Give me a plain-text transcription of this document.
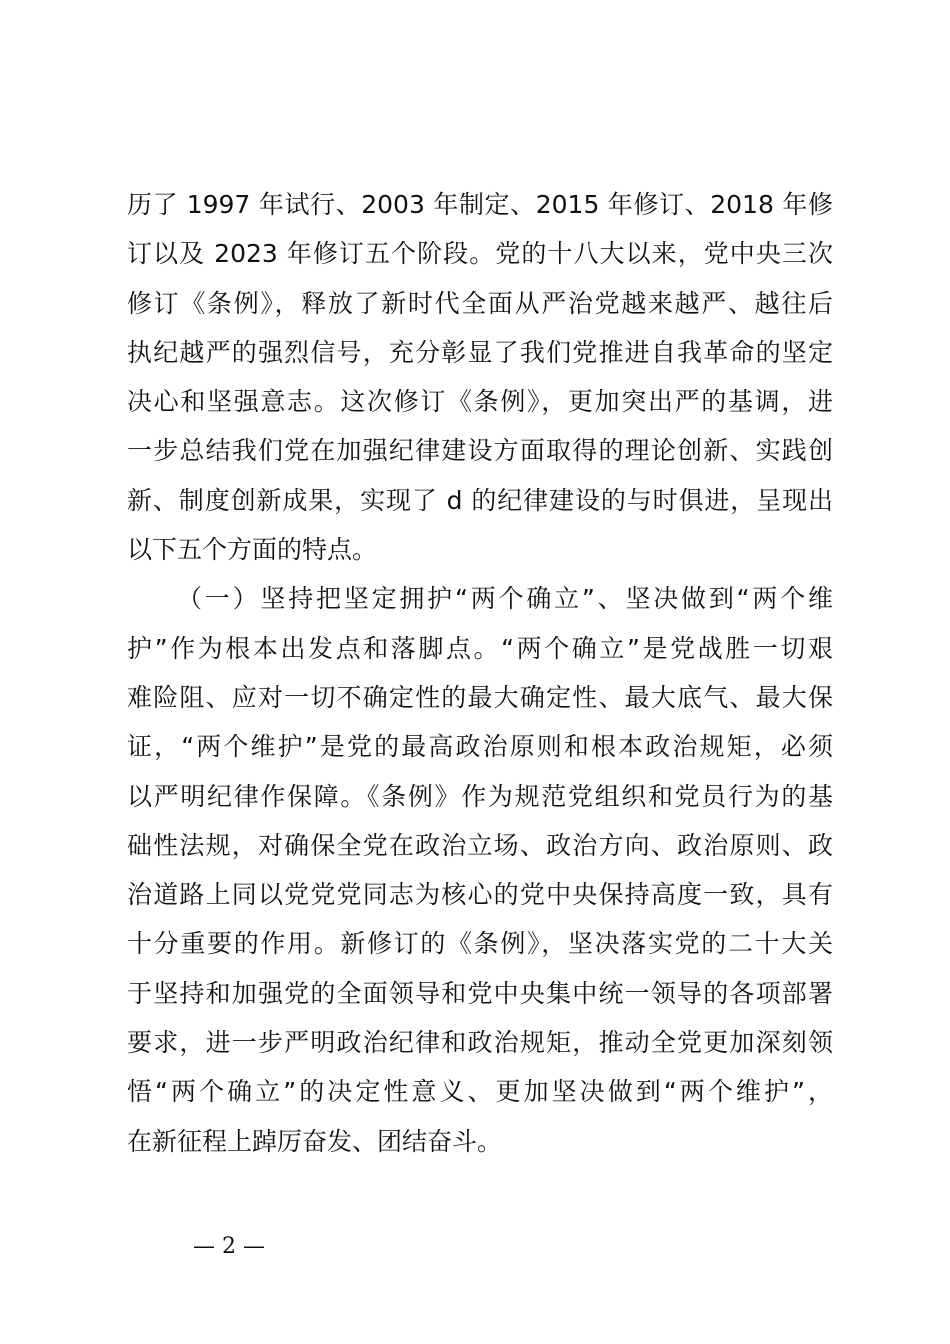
历了 1997 年试行、2003 年制定、2015 年修订、2018 年修
订以及 2023 年修订五个阶段。党的十八大以来，党中央三次
修订《条例》，释放了新时代全面从严治党越来越严、越往后
执纪越严的强烈信号，充分彰显了我们党推进自我革命的坚定
决心和坚强意志。这次修订《条例》，更加突出严的基调，进
一步总结我们党在加强纪律建设方面取得的理论创新、实践创
新、制度创新成果，实现了 d 的纪律建设的与时俱进，呈现出
以下五个方面的特点。
（一）坚持把坚定拥护“两个确立”、坚决做到“两个维
护”作为根本出发点和落脚点。“两个确立”是党战胜一切艰
难险阻、应对一切不确定性的最大确定性、最大底气、最大保
证，“两个维护”是党的最高政治原则和根本政治规矩，必须
以严明纪律作保障。《条例》作为规范党组织和党员行为的基
础性法规，对确保全党在政治立场、政治方向、政治原则、政
治道路上同以党党党同志为核心的党中央保持高度一致，具有
十分重要的作用。新修订的《条例》，坚决落实党的二十大关
于坚持和加强党的全面领导和党中央集中统一领导的各项部署
要求，进一步严明政治纪律和政治规矩，推动全党更加深刻领
悟“两个确立”的决定性意义、更加坚决做到“两个维护”，
在新征程上踔厉奋发、团结奋斗。
— 2 —
